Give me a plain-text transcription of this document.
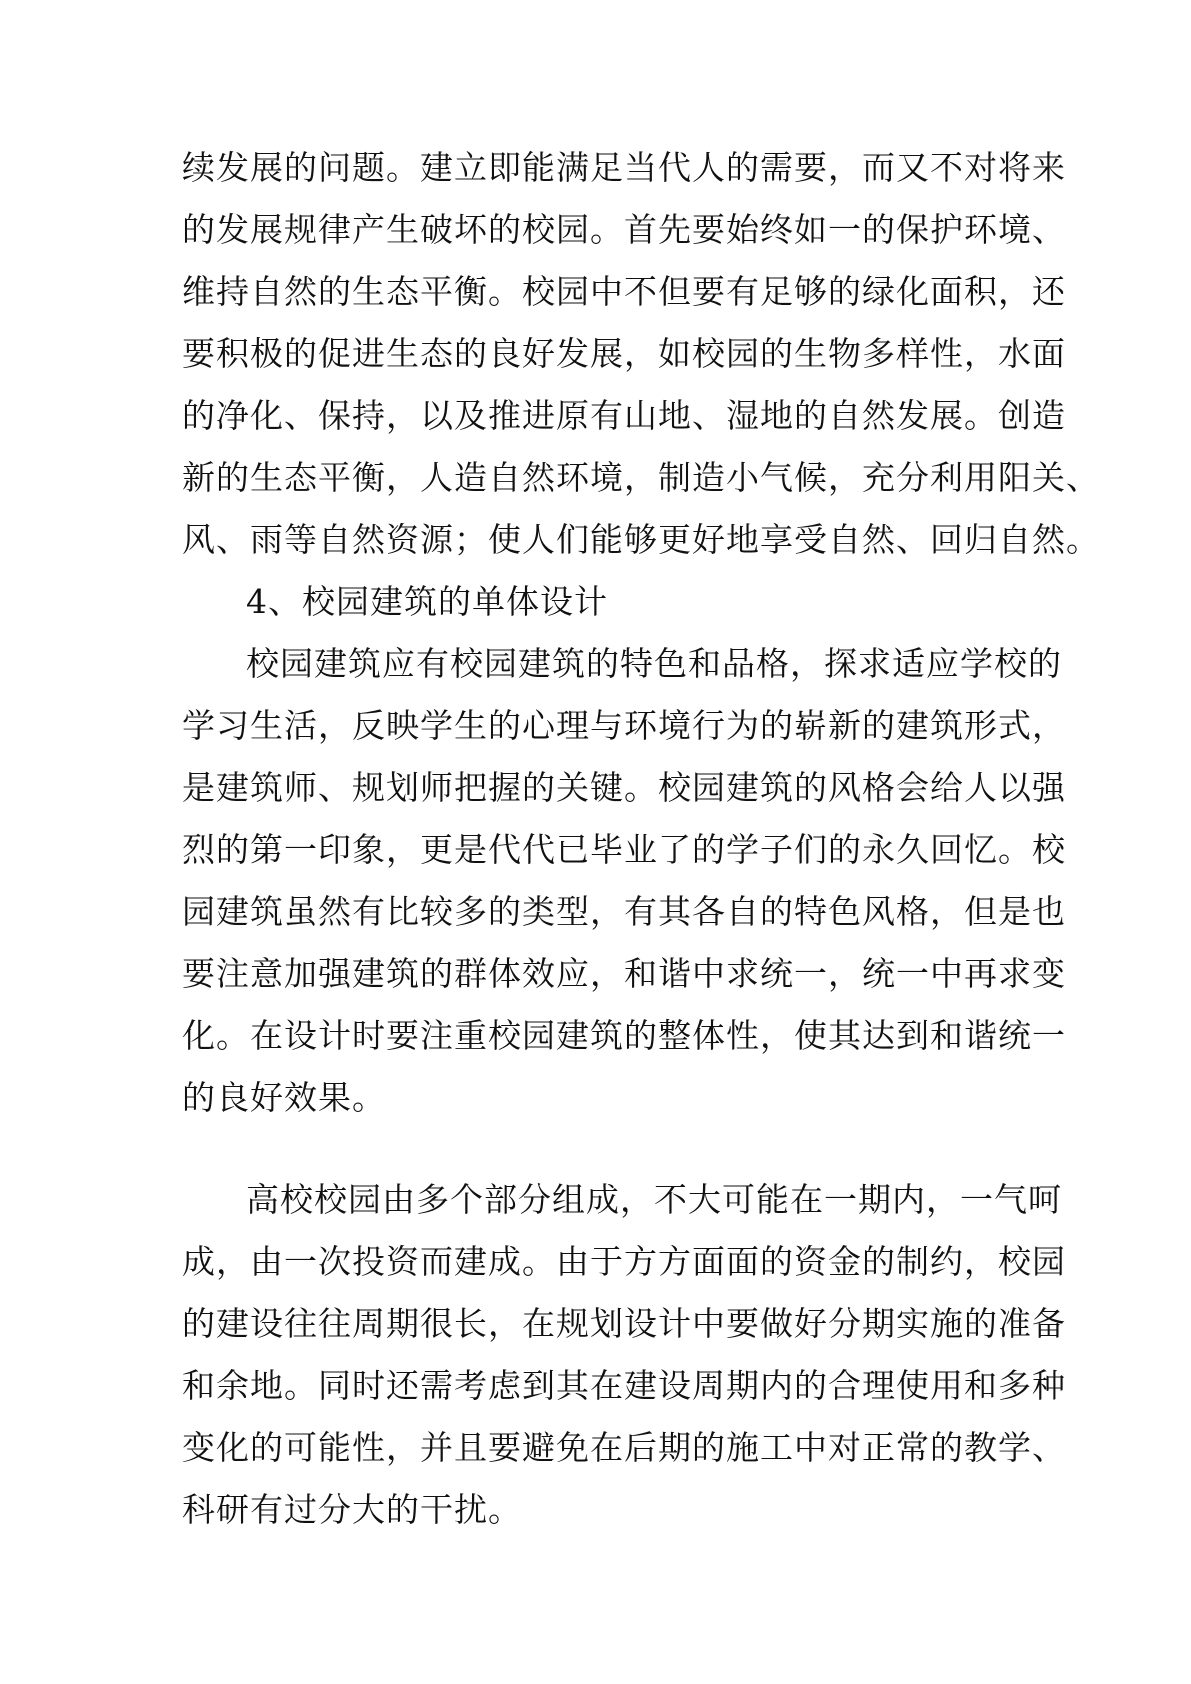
续发展的问题。建立即能满足当代人的需要，而又不对将来
的发展规律产生破坏的校园。首先要始终如一的保护环境、
维持自然的生态平衡。校园中不但要有足够的绿化面积，还
要积极的促进生态的良好发展，如校园的生物多样性，水面
的净化、保持，以及推进原有山地、湿地的自然发展。创造
新的生态平衡，人造自然环境，制造小气候，充分利用阳关、
风、雨等自然资源；使人们能够更好地享受自然、回归自然。
4、校园建筑的单体设计
校园建筑应有校园建筑的特色和品格，探求适应学校的
学习生活，反映学生的心理与环境行为的崭新的建筑形式，
是建筑师、规划师把握的关键。校园建筑的风格会给人以强
烈的第一印象，更是代代已毕业了的学子们的永久回忆。校
园建筑虽然有比较多的类型，有其各自的特色风格，但是也
要注意加强建筑的群体效应，和谐中求统一，统一中再求变
化。在设计时要注重校园建筑的整体性，使其达到和谐统一
的良好效果。
高校校园由多个部分组成，不大可能在一期内，一气呵
成，由一次投资而建成。由于方方面面的资金的制约，校园
的建设往往周期很长，在规划设计中要做好分期实施的准备
和余地。同时还需考虑到其在建设周期内的合理使用和多种
变化的可能性，并且要避免在后期的施工中对正常的教学、
科研有过分大的干扰。
